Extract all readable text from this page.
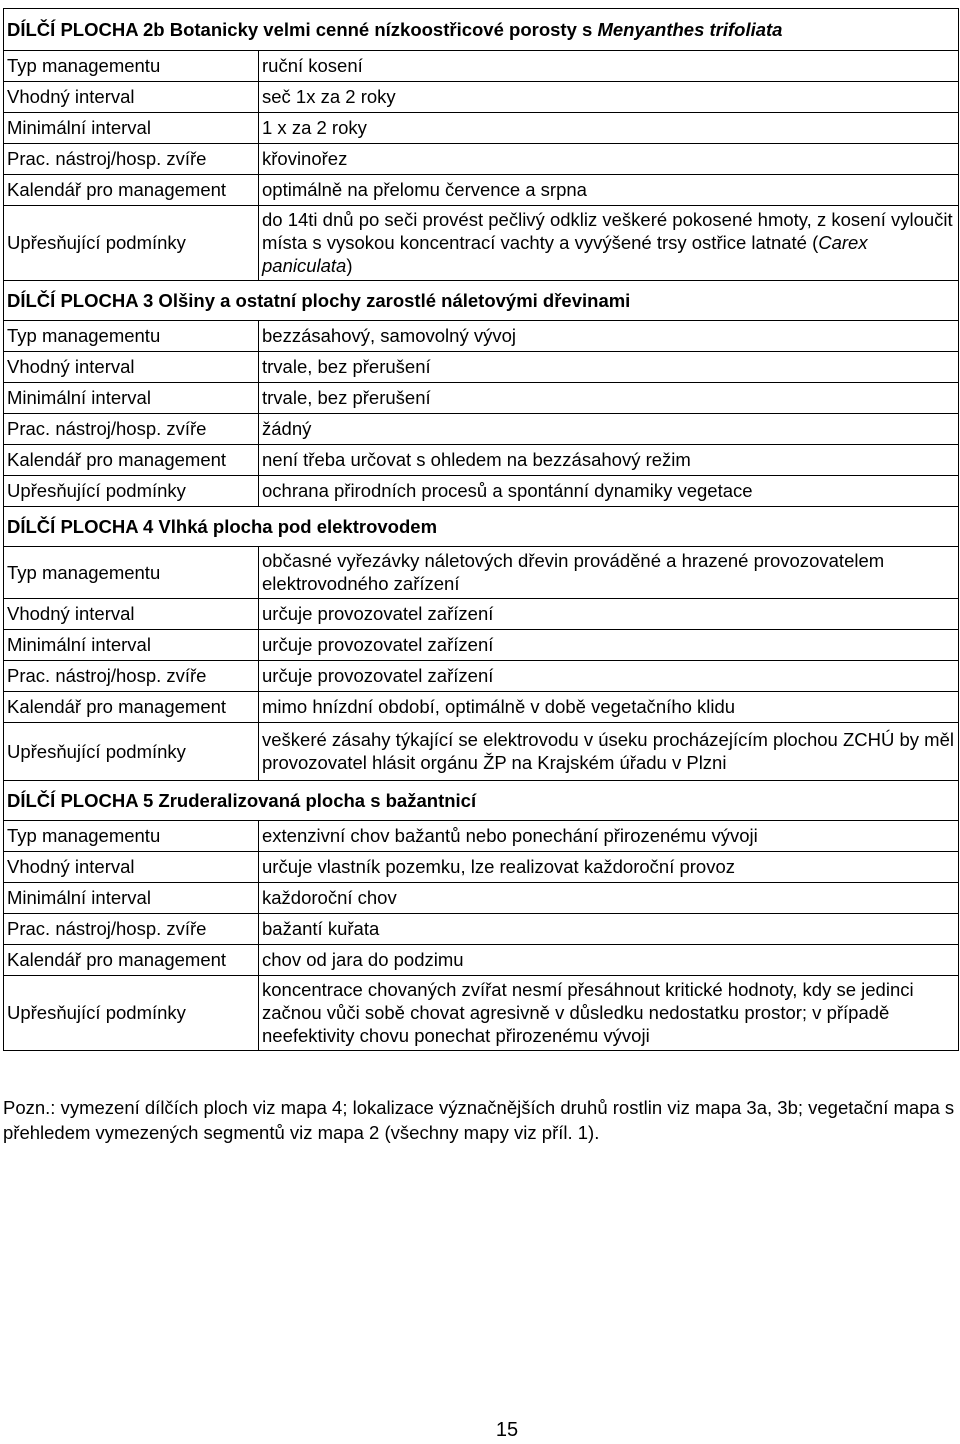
DÍLČÍ PLOCHA 2b Botanicky velmi cenné nízkoostřicové porosty s Menyanthes trifoliata	
Typ managementu	ruční kosení
Vhodný interval	seč 1x za 2 roky
Minimální interval	1 x za 2 roky
Prac. nástroj/hosp. zvíře	křovinořez
Kalendář pro management	optimálně na přelomu července a srpna
Upřesňující podmínky	do 14ti dnů po seči provést pečlivý odkliz veškeré pokosené hmoty, z kosení vyloučit místa s vysokou koncentrací vachty a vyvýšené trsy ostřice latnaté (Carex paniculata)
DÍLČÍ PLOCHA 3 Olšiny a ostatní plochy zarostlé náletovými dřevinami	
Typ managementu	bezzásahový, samovolný vývoj
Vhodný interval	trvale, bez přerušení
Minimální interval	trvale, bez přerušení
Prac. nástroj/hosp. zvíře	žádný
Kalendář pro management	není třeba určovat s ohledem na bezzásahový režim
Upřesňující podmínky	ochrana přirodních procesů a spontánní dynamiky vegetace
DÍLČÍ PLOCHA 4 Vlhká plocha pod elektrovodem	
Typ managementu	občasné vyřezávky náletových dřevin prováděné a hrazené provozovatelem elektrovodného zařízení
Vhodný interval	určuje provozovatel zařízení
Minimální interval	určuje provozovatel zařízení
Prac. nástroj/hosp. zvíře	určuje provozovatel zařízení
Kalendář pro management	mimo hnízdní období, optimálně v době vegetačního klidu
Upřesňující podmínky	veškeré zásahy týkající se elektrovodu v úseku procházejícím plochou ZCHÚ by měl provozovatel hlásit orgánu ŽP na Krajském úřadu v Plzni
DÍLČÍ PLOCHA 5 Zruderalizovaná plocha s bažantnicí	
Typ managementu	extenzivní chov bažantů nebo ponechání přirozenému vývoji
Vhodný interval	určuje vlastník pozemku, lze realizovat každoroční provoz
Minimální interval	každoroční chov
Prac. nástroj/hosp. zvíře	bažantí kuřata
Kalendář pro management	chov od jara do podzimu
Upřesňující podmínky	koncentrace chovaných zvířat nesmí přesáhnout kritické hodnoty, kdy se jedinci začnou vůči sobě chovat agresivně v důsledku nedostatku prostor; v případě neefektivity chovu ponechat přirozenému vývoji
Pozn.: vymezení dílčích ploch viz mapa 4; lokalizace význačnějších druhů rostlin viz mapa 3a, 3b; vegetační mapa s přehledem vymezených segmentů viz mapa 2 (všechny mapy viz příl. 1).
15
